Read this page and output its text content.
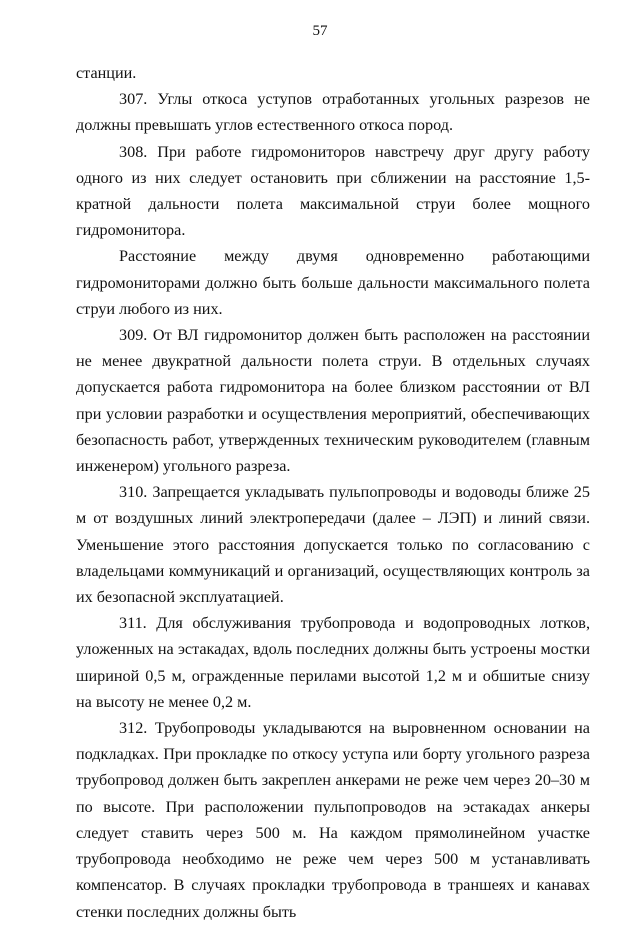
57

станции.

307. Углы откоса уступов отработанных угольных разрезов не должны превышать углов естественного откоса пород.

308. При работе гидромониторов навстречу друг другу работу одного из них следует остановить при сближении на расстояние 1,5-кратной дальности полета максимальной струи более мощного гидромонитора.

Расстояние между двумя одновременно работающими гидромониторами должно быть больше дальности максимального полета струи любого из них.

309. От ВЛ гидромонитор должен быть расположен на расстоянии не менее двукратной дальности полета струи. В отдельных случаях допускается работа гидромонитора на более близком расстоянии от ВЛ при условии разработки и осуществления мероприятий, обеспечивающих безопасность работ, утвержденных техническим руководителем (главным инженером) угольного разреза.

310. Запрещается укладывать пульпопроводы и водоводы ближе 25 м от воздушных линий электропередачи (далее – ЛЭП) и линий связи. Уменьшение этого расстояния допускается только по согласованию с владельцами коммуникаций и организаций, осуществляющих контроль за их безопасной эксплуатацией.

311. Для обслуживания трубопровода и водопроводных лотков, уложенных на эстакадах, вдоль последних должны быть устроены мостки шириной 0,5 м, огражденные перилами высотой 1,2 м и обшитые снизу на высоту не менее 0,2 м.

312. Трубопроводы укладываются на выровненном основании на подкладках. При прокладке по откосу уступа или борту угольного разреза трубопровод должен быть закреплен анкерами не реже чем через 20–30 м по высоте. При расположении пульпопроводов на эстакадах анкеры следует ставить через 500 м. На каждом прямолинейном участке трубопровода необходимо не реже чем через 500 м устанавливать компенсатор. В случаях прокладки трубопровода в траншеях и канавах стенки последних должны быть
